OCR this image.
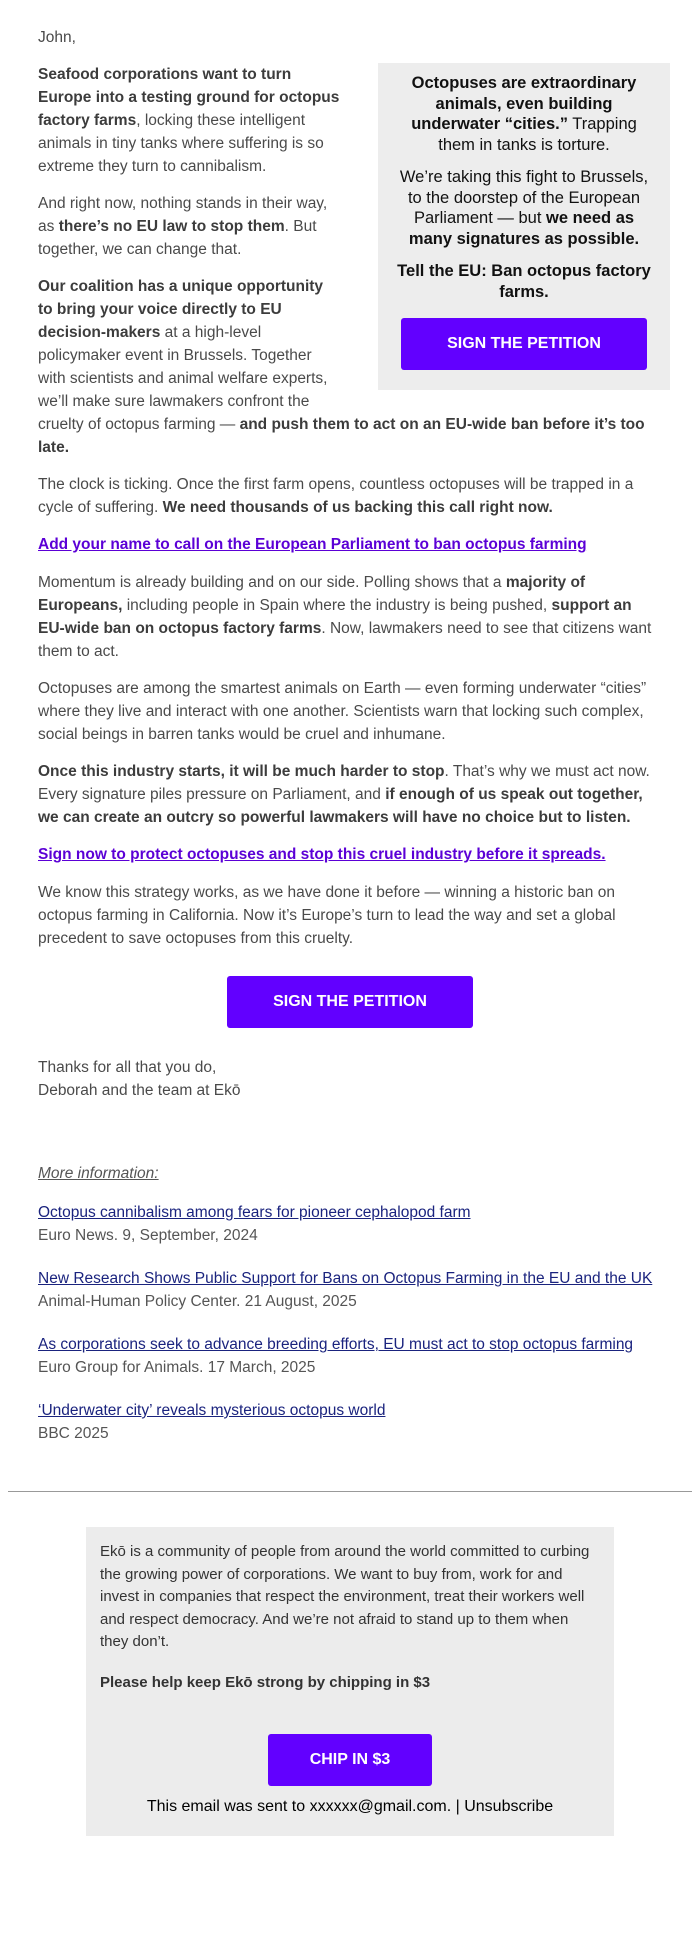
John,

Octopuses are extraordinary animals, even building underwater “cities.” Trapping them in tanks is torture.

We’re taking this fight to Brussels, to the doorstep of the European Parliament — but we need as many signatures as possible.

Tell the EU: Ban octopus factory farms.

SIGN THE PETITION

Seafood corporations want to turn Europe into a testing ground for octopus factory farms, locking these intelligent animals in tiny tanks where suffering is so extreme they turn to cannibalism.

And right now, nothing stands in their way, as there’s no EU law to stop them. But together, we can change that.

Our coalition has a unique opportunity to bring your voice directly to EU decision-makers at a high-level policymaker event in Brussels. Together with scientists and animal welfare experts, we’ll make sure lawmakers confront the cruelty of octopus farming — and push them to act on an EU-wide ban before it’s too late.

The clock is ticking. Once the first farm opens, countless octopuses will be trapped in a cycle of suffering. We need thousands of us backing this call right now.

Add your name to call on the European Parliament to ban octopus farming

Momentum is already building and on our side. Polling shows that a majority of Europeans, including people in Spain where the industry is being pushed, support an EU-wide ban on octopus factory farms. Now, lawmakers need to see that citizens want them to act.

Octopuses are among the smartest animals on Earth — even forming underwater “cities” where they live and interact with one another. Scientists warn that locking such complex, social beings in barren tanks would be cruel and inhumane.

Once this industry starts, it will be much harder to stop. That’s why we must act now. Every signature piles pressure on Parliament, and if enough of us speak out together, we can create an outcry so powerful lawmakers will have no choice but to listen.

Sign now to protect octopuses and stop this cruel industry before it spreads.

We know this strategy works, as we have done it before — winning a historic ban on octopus farming in California. Now it’s Europe’s turn to lead the way and set a global precedent to save octopuses from this cruelty.

SIGN THE PETITION
Thanks for all that you do,
Deborah and the team at Ekō
More information:
Octopus cannibalism among fears for pioneer cephalopod farm
Euro News. 9, September, 2024
New Research Shows Public Support for Bans on Octopus Farming in the EU and the UK
Animal-Human Policy Center. 21 August, 2025
As corporations seek to advance breeding efforts, EU must act to stop octopus farming
Euro Group for Animals. 17 March, 2025
‘Underwater city’ reveals mysterious octopus world
BBC 2025

Ekō is a community of people from around the world committed to curbing the growing power of corporations. We want to buy from, work for and invest in companies that respect the environment, treat their workers well and respect democracy. And we’re not afraid to stand up to them when they don’t.

Please help keep Ekō strong by chipping in $3

CHIP IN $3

This email was sent to xxxxxx@gmail.com. | Unsubscribe
